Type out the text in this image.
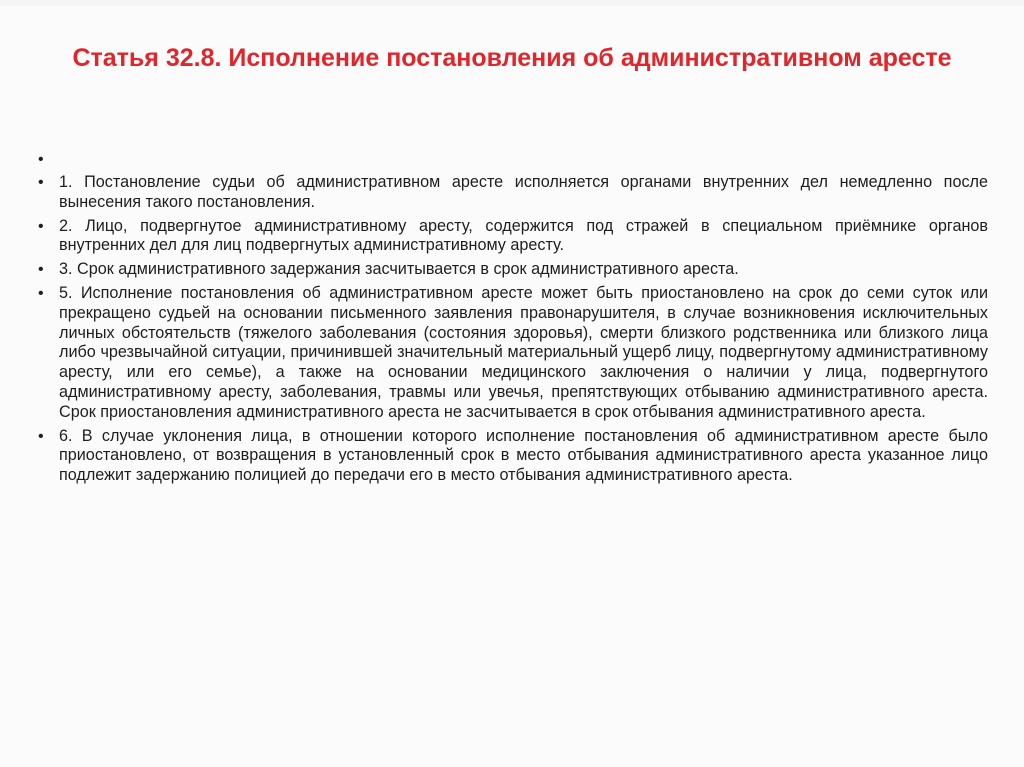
Статья 32.8. Исполнение постановления об административном аресте
•
• 1. Постановление судьи об административном аресте исполняется органами внутренних дел немедленно после вынесения такого постановления.
• 2. Лицо, подвергнутое административному аресту, содержится под стражей в специальном приёмнике органов внутренних дел для лиц подвергнутых административному аресту.
• 3. Срок административного задержания засчитывается в срок административного ареста.
• 5. Исполнение постановления об административном аресте может быть приостановлено на срок до семи суток или прекращено судьей на основании письменного заявления правонарушителя, в случае возникновения исключительных личных обстоятельств (тяжелого заболевания (состояния здоровья), смерти близкого родственника или близкого лица либо чрезвычайной ситуации, причинившей значительный материальный ущерб лицу, подвергнутому административному аресту, или его семье), а также на основании медицинского заключения о наличии у лица, подвергнутого административному аресту, заболевания, травмы или увечья, препятствующих отбыванию административного ареста. Срок приостановления административного ареста не засчитывается в срок отбывания административного ареста.
• 6. В случае уклонения лица, в отношении которого исполнение постановления об административном аресте было приостановлено, от возвращения в установленный срок в место отбывания административного ареста указанное лицо подлежит задержанию полицией до передачи его в место отбывания административного ареста.
